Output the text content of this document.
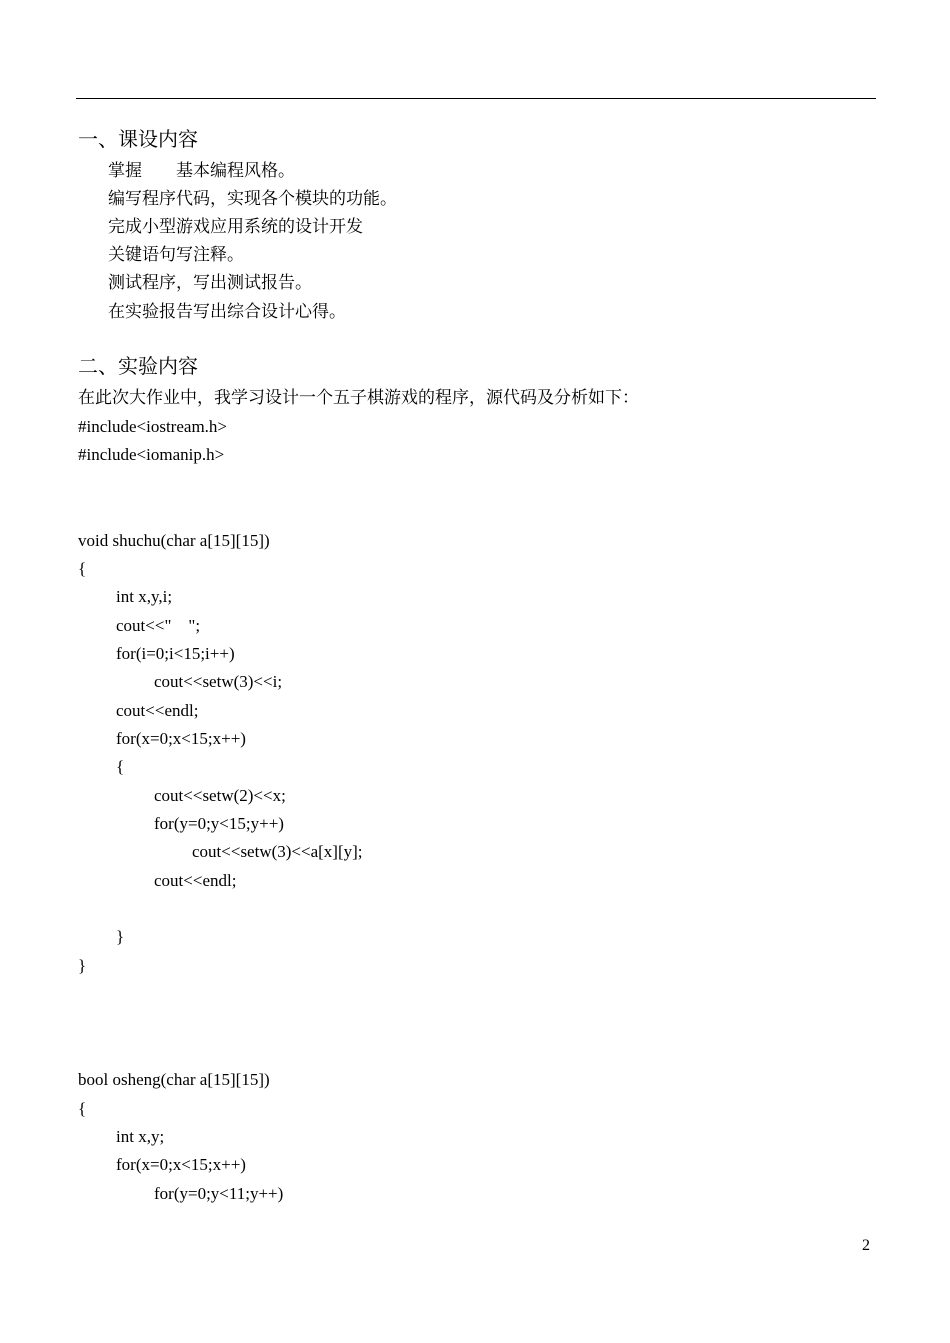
一、课设内容
掌握　　基本编程风格。
编写程序代码，实现各个模块的功能。
完成小型游戏应用系统的设计开发
关键语句写注释。
测试程序，写出测试报告。
在实验报告写出综合设计心得。
二、实验内容
在此次大作业中，我学习设计一个五子棋游戏的程序，源代码及分析如下：
#include<iostream.h>
#include<iomanip.h>
void shuchu(char a[15][15])
{
int x,y,i;
cout<<"    ";
for(i=0;i<15;i++)
cout<<setw(3)<<i;
cout<<endl;
for(x=0;x<15;x++)
{
cout<<setw(2)<<x;
for(y=0;y<15;y++)
cout<<setw(3)<<a[x][y];
cout<<endl;
}
}
bool osheng(char a[15][15])
{
int x,y;
for(x=0;x<15;x++)
for(y=0;y<11;y++)
2
